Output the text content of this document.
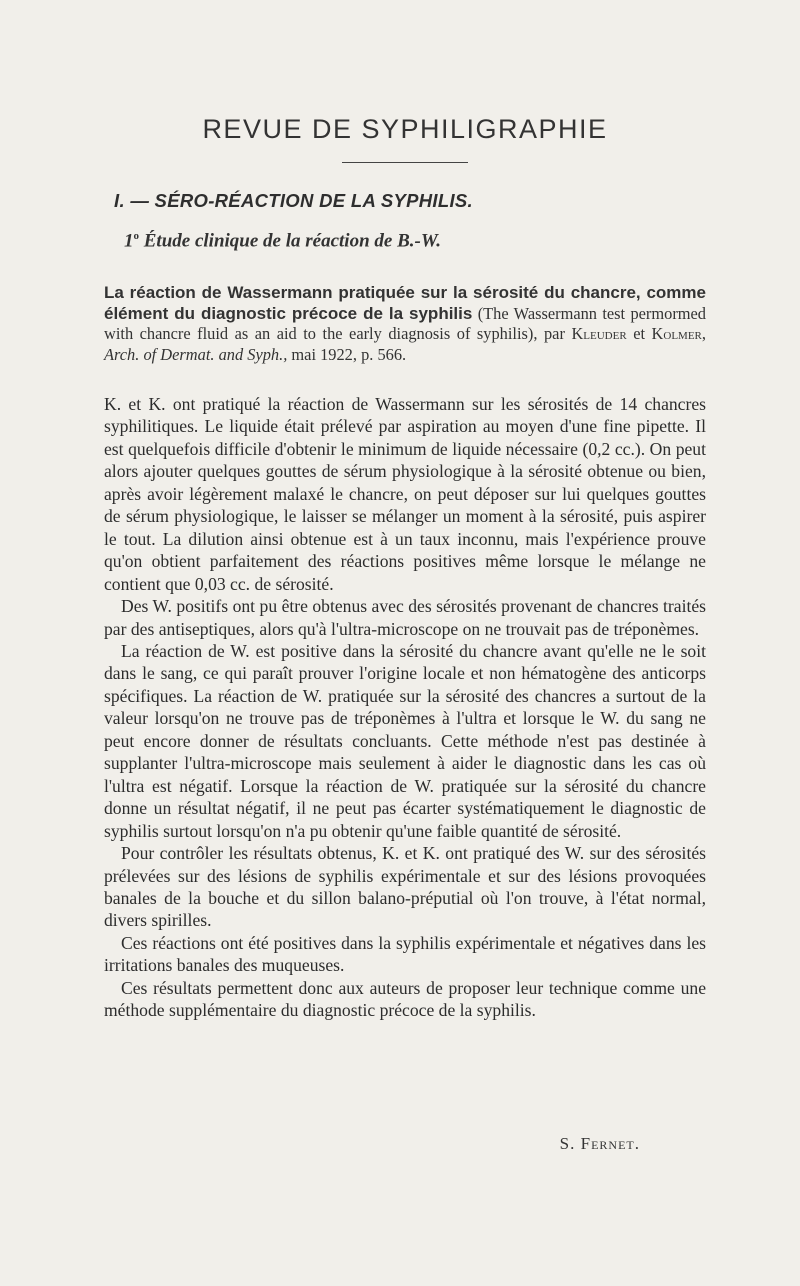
REVUE DE SYPHILIGRAPHIE
I. — SÉRO-RÉACTION DE LA SYPHILIS.
1$^o$ Étude clinique de la réaction de B.-W.

La réaction de Wassermann pratiquée sur la sérosité du chancre, comme élément du diagnostic précoce de la syphilis (The Wassermann test permormed with chancre fluid as an aid to the early diagnosis of syphilis), par Kleuder et Kolmer, Arch. of Dermat. and Syph., mai 1922, p. 566.

K. et K. ont pratiqué la réaction de Wassermann sur les sérosités de 14 chancres syphilitiques. Le liquide était prélevé par aspiration au moyen d'une fine pipette. Il est quelquefois difficile d'obtenir le minimum de liquide nécessaire (0,2 cc.). On peut alors ajouter quelques gouttes de sérum physiologique à la sérosité obtenue ou bien, après avoir légèrement malaxé le chancre, on peut déposer sur lui quelques gouttes de sérum physiologique, le laisser se mélanger un moment à la sérosité, puis aspirer le tout. La dilution ainsi obtenue est à un taux inconnu, mais l'expérience prouve qu'on obtient parfaitement des réactions positives même lorsque le mélange ne contient que 0,03 cc. de sérosité.

Des W. positifs ont pu être obtenus avec des sérosités provenant de chancres traités par des antiseptiques, alors qu'à l'ultra-microscope on ne trouvait pas de tréponèmes.

La réaction de W. est positive dans la sérosité du chancre avant qu'elle ne le soit dans le sang, ce qui paraît prouver l'origine locale et non hématogène des anticorps spécifiques. La réaction de W. pratiquée sur la sérosité des chancres a surtout de la valeur lorsqu'on ne trouve pas de tréponèmes à l'ultra et lorsque le W. du sang ne peut encore donner de résultats concluants. Cette méthode n'est pas destinée à supplanter l'ultra-microscope mais seulement à aider le diagnostic dans les cas où l'ultra est négatif. Lorsque la réaction de W. pratiquée sur la sérosité du chancre donne un résultat négatif, il ne peut pas écarter systématiquement le diagnostic de syphilis surtout lorsqu'on n'a pu obtenir qu'une faible quantité de sérosité.

Pour contrôler les résultats obtenus, K. et K. ont pratiqué des W. sur des sérosités prélevées sur des lésions de syphilis expérimentale et sur des lésions provoquées banales de la bouche et du sillon balano-préputial où l'on trouve, à l'état normal, divers spirilles.

Ces réactions ont été positives dans la syphilis expérimentale et négatives dans les irritations banales des muqueuses.

Ces résultats permettent donc aux auteurs de proposer leur technique comme une méthode supplémentaire du diagnostic précoce de la syphilis.

S. Fernet.
